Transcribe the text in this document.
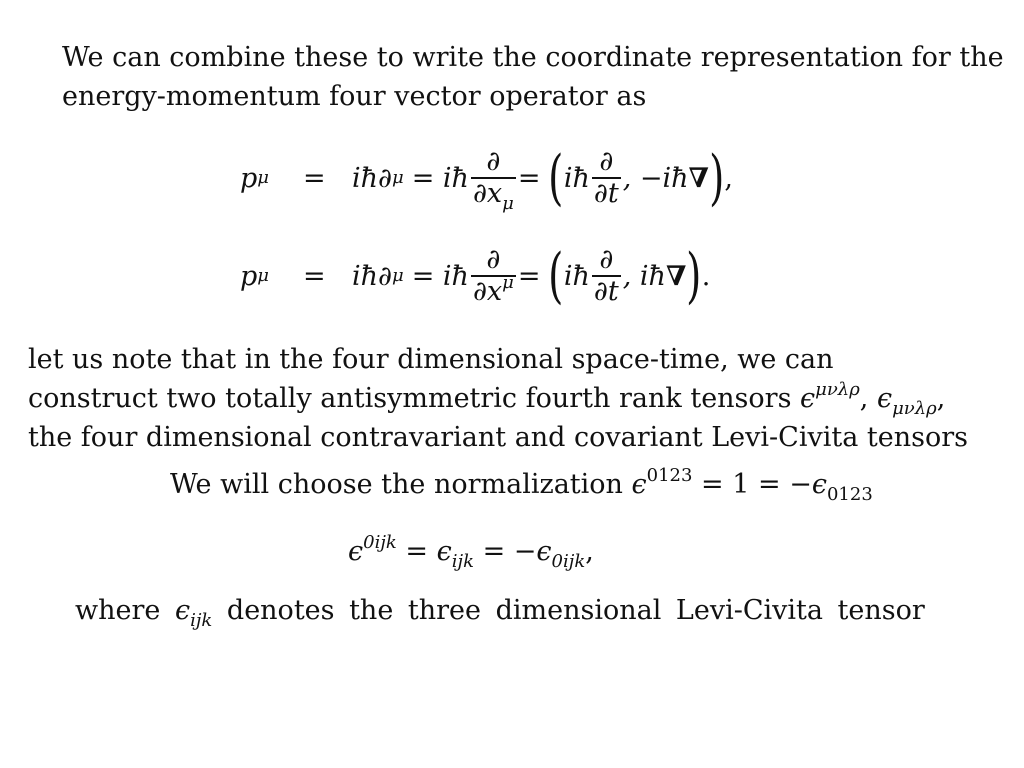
We can combine these to write the coordinate representation for the
energy-momentum four vector operator as
p μ = iħ∂ μ = iħ $\frac{\partial}{\partial x_\mu}$ = ( iħ $\frac{\partial}{\partial t}$ , −iħ ∇ ) ,
p μ = iħ∂ μ = iħ $\frac{\partial}{\partial x^\mu}$ = ( iħ $\frac{\partial}{\partial t}$ , iħ ∇ ) .
let us note that in the four dimensional space-time, we can
construct two totally antisymmetric fourth rank tensors $\epsilon^{\mu\nu\lambda\rho}$, $\epsilon_{\mu\nu\lambda\rho}$,
the four dimensional contravariant and covariant Levi-Civita tensors
We will choose the normalization $\epsilon^{0123} = 1 = -\epsilon_{0123}$
$\epsilon^{0ijk} = \epsilon_{ijk} = -\epsilon_{0ijk}$,
where $\epsilon_{ijk}$ denotes the three dimensional Levi-Civita tensor
